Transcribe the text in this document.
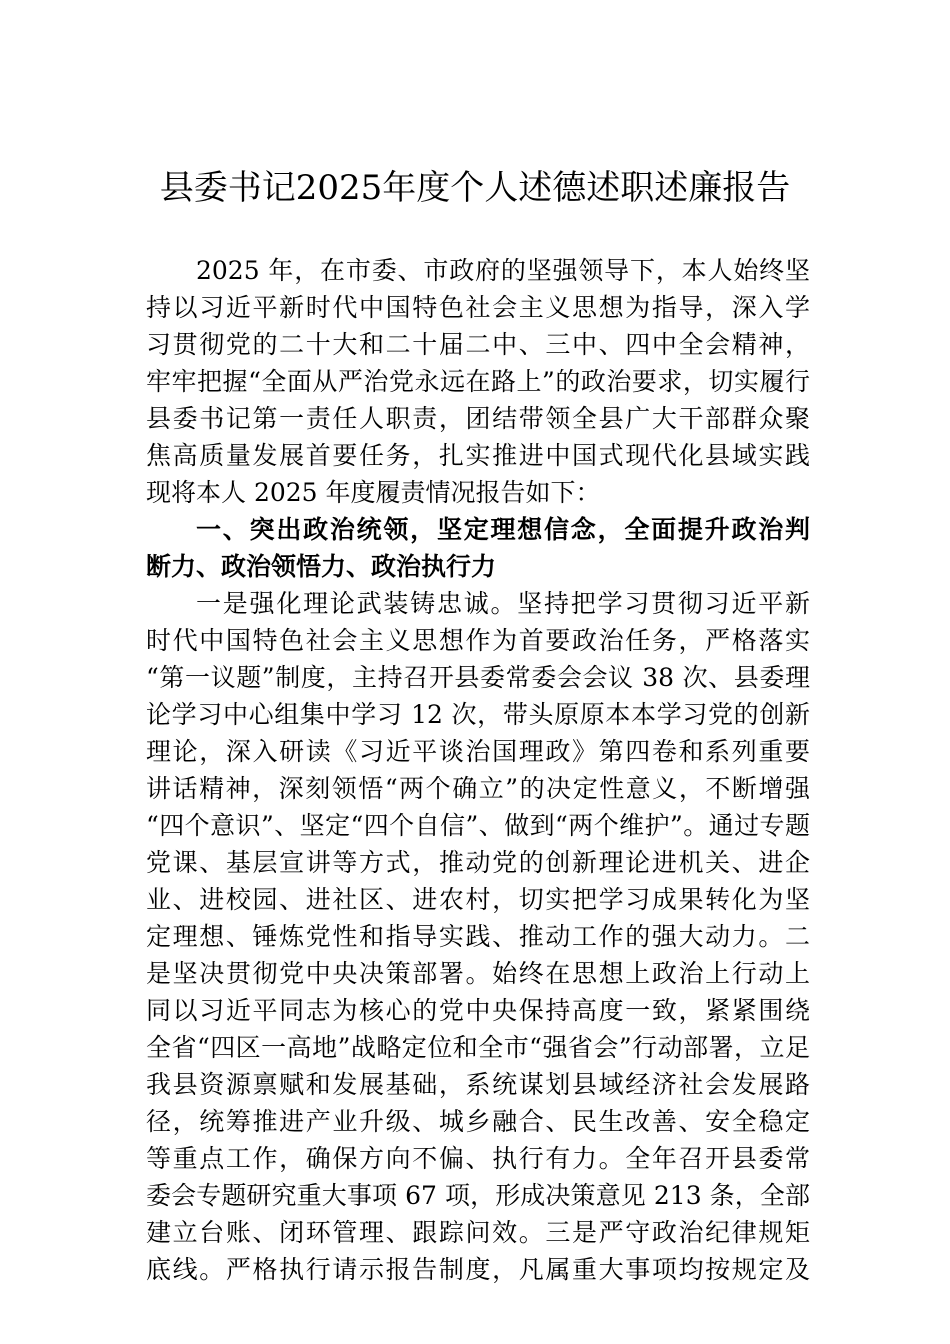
县委书记2025年度个人述德述职述廉报告
2025 年，在市委、市政府的坚强领导下，本人始终坚
持以习近平新时代中国特色社会主义思想为指导，深入学
习贯彻党的二十大和二十届二中、三中、四中全会精神，
牢牢把握“全面从严治党永远在路上”的政治要求，切实履行
县委书记第一责任人职责，团结带领全县广大干部群众聚
焦高质量发展首要任务，扎实推进中国式现代化县域实践
现将本人 2025 年度履责情况报告如下：
一、突出政治统领，坚定理想信念，全面提升政治判
断力、政治领悟力、政治执行力
一是强化理论武装铸忠诚。坚持把学习贯彻习近平新
时代中国特色社会主义思想作为首要政治任务，严格落实
“第一议题”制度，主持召开县委常委会会议 38 次、县委理
论学习中心组集中学习 12 次，带头原原本本学习党的创新
理论，深入研读《习近平谈治国理政》第四卷和系列重要
讲话精神，深刻领悟“两个确立”的决定性意义，不断增强
“四个意识”、坚定“四个自信”、做到“两个维护”。通过专题
党课、基层宣讲等方式，推动党的创新理论进机关、进企
业、进校园、进社区、进农村，切实把学习成果转化为坚
定理想、锤炼党性和指导实践、推动工作的强大动力。二
是坚决贯彻党中央决策部署。始终在思想上政治上行动上
同以习近平同志为核心的党中央保持高度一致，紧紧围绕
全省“四区一高地”战略定位和全市“强省会”行动部署，立足
我县资源禀赋和发展基础，系统谋划县域经济社会发展路
径，统筹推进产业升级、城乡融合、民生改善、安全稳定
等重点工作，确保方向不偏、执行有力。全年召开县委常
委会专题研究重大事项 67 项，形成决策意见 213 条，全部
建立台账、闭环管理、跟踪问效。三是严守政治纪律规矩
底线。严格执行请示报告制度，凡属重大事项均按规定及
